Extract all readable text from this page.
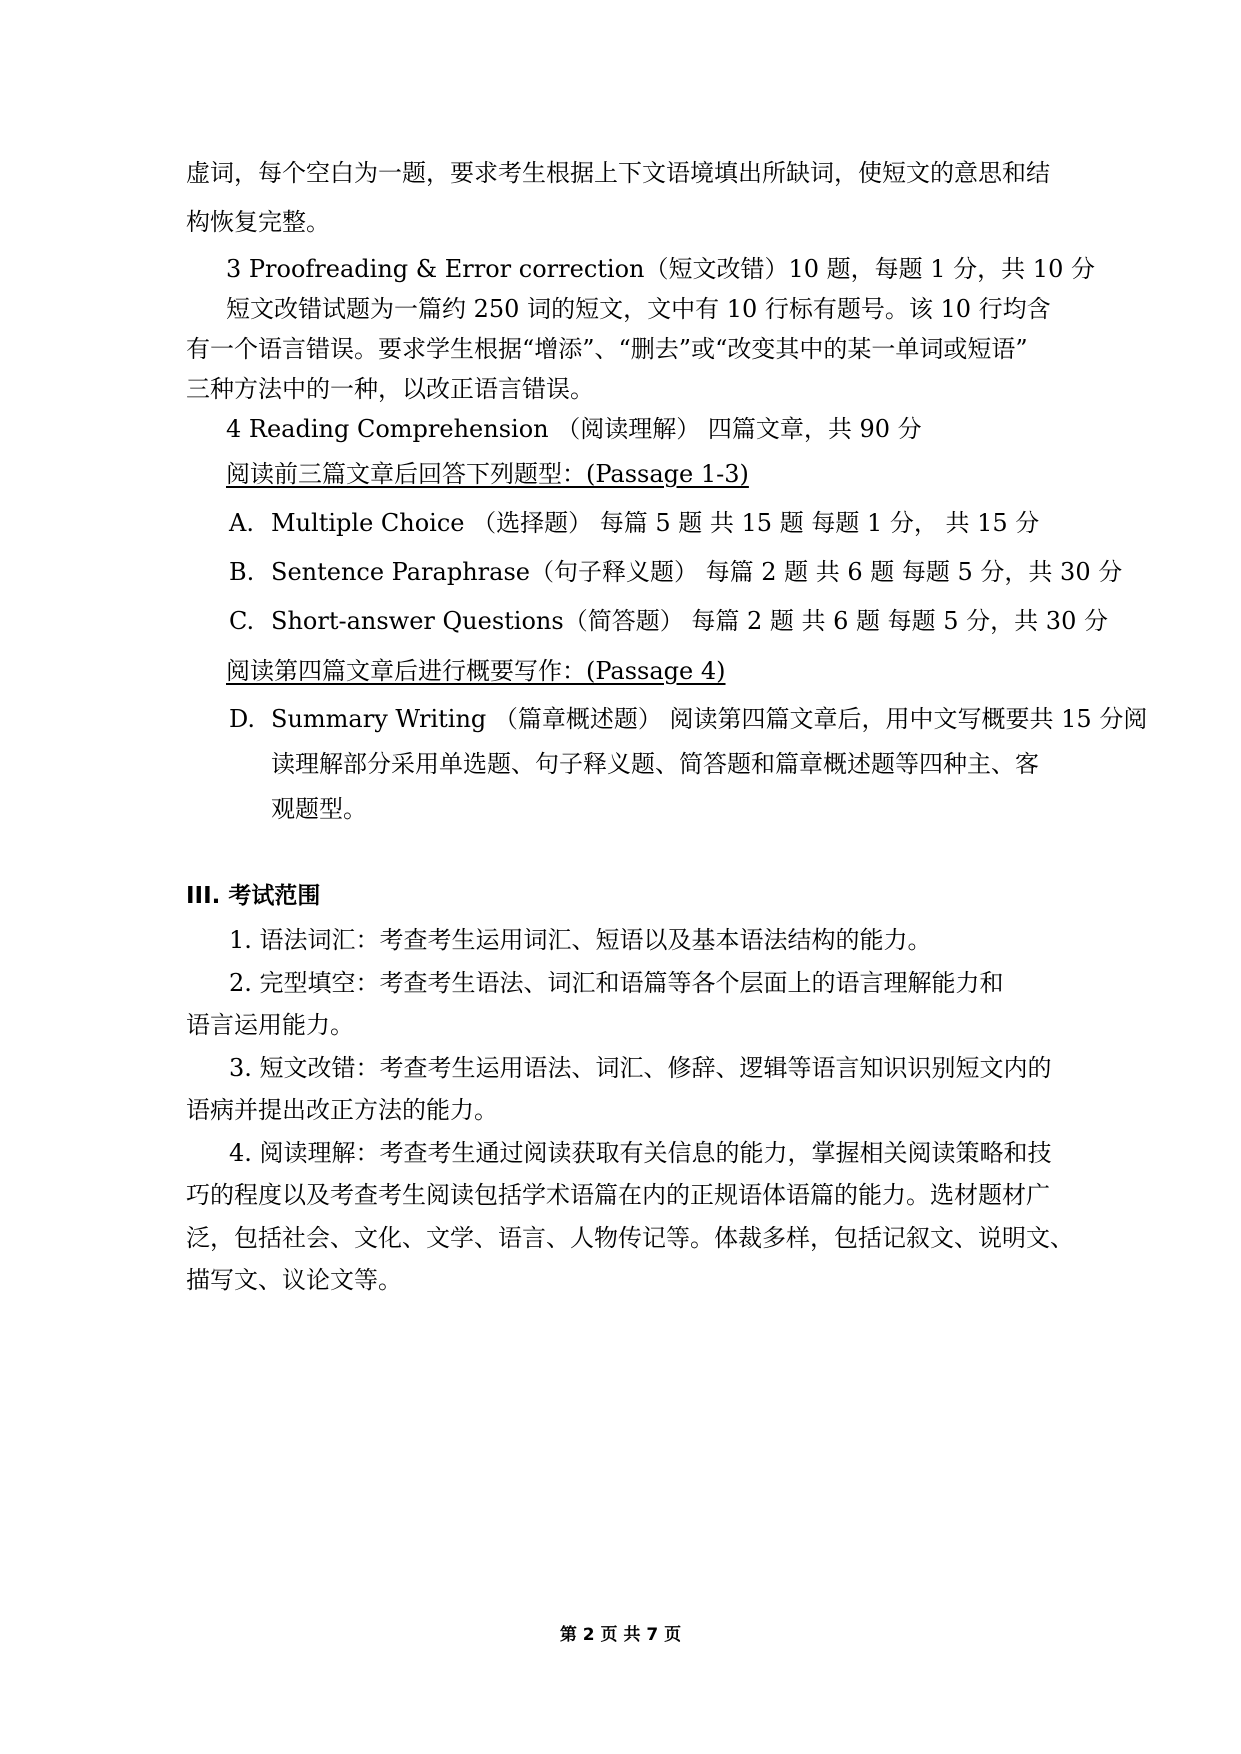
虚词，每个空白为一题，要求考生根据上下文语境填出所缺词，使短文的意思和结
构恢复完整。
3 Proofreading & Error correction（短文改错）10 题，每题 1 分，共 10 分
短文改错试题为一篇约 250 词的短文，文中有 10 行标有题号。该 10 行均含
有一个语言错误。要求学生根据“增添”、“删去”或“改变其中的某一单词或短语”
三种方法中的一种，以改正语言错误。
4 Reading Comprehension （阅读理解） 四篇文章，共 90 分
阅读前三篇文章后回答下列题型：(Passage 1-3)
A. Multiple Choice （选择题） 每篇 5 题 共 15 题 每题 1 分， 共 15 分
B. Sentence Paraphrase（句子释义题） 每篇 2 题 共 6 题 每题 5 分，共 30 分
C. Short-answer Questions（简答题） 每篇 2 题 共 6 题 每题 5 分，共 30 分
阅读第四篇文章后进行概要写作：(Passage 4)
D. Summary Writing （篇章概述题） 阅读第四篇文章后，用中文写概要共 15 分阅
读理解部分采用单选题、句子释义题、简答题和篇章概述题等四种主、客
观题型。
III. 考试范围
1. 语法词汇：考查考生运用词汇、短语以及基本语法结构的能力。
2. 完型填空：考查考生语法、词汇和语篇等各个层面上的语言理解能力和
语言运用能力。
3. 短文改错：考查考生运用语法、词汇、修辞、逻辑等语言知识识别短文内的
语病并提出改正方法的能力。
4. 阅读理解：考查考生通过阅读获取有关信息的能力，掌握相关阅读策略和技
巧的程度以及考查考生阅读包括学术语篇在内的正规语体语篇的能力。选材题材广
泛，包括社会、文化、文学、语言、人物传记等。体裁多样，包括记叙文、说明文、
描写文、议论文等。
第 2 页 共 7 页
